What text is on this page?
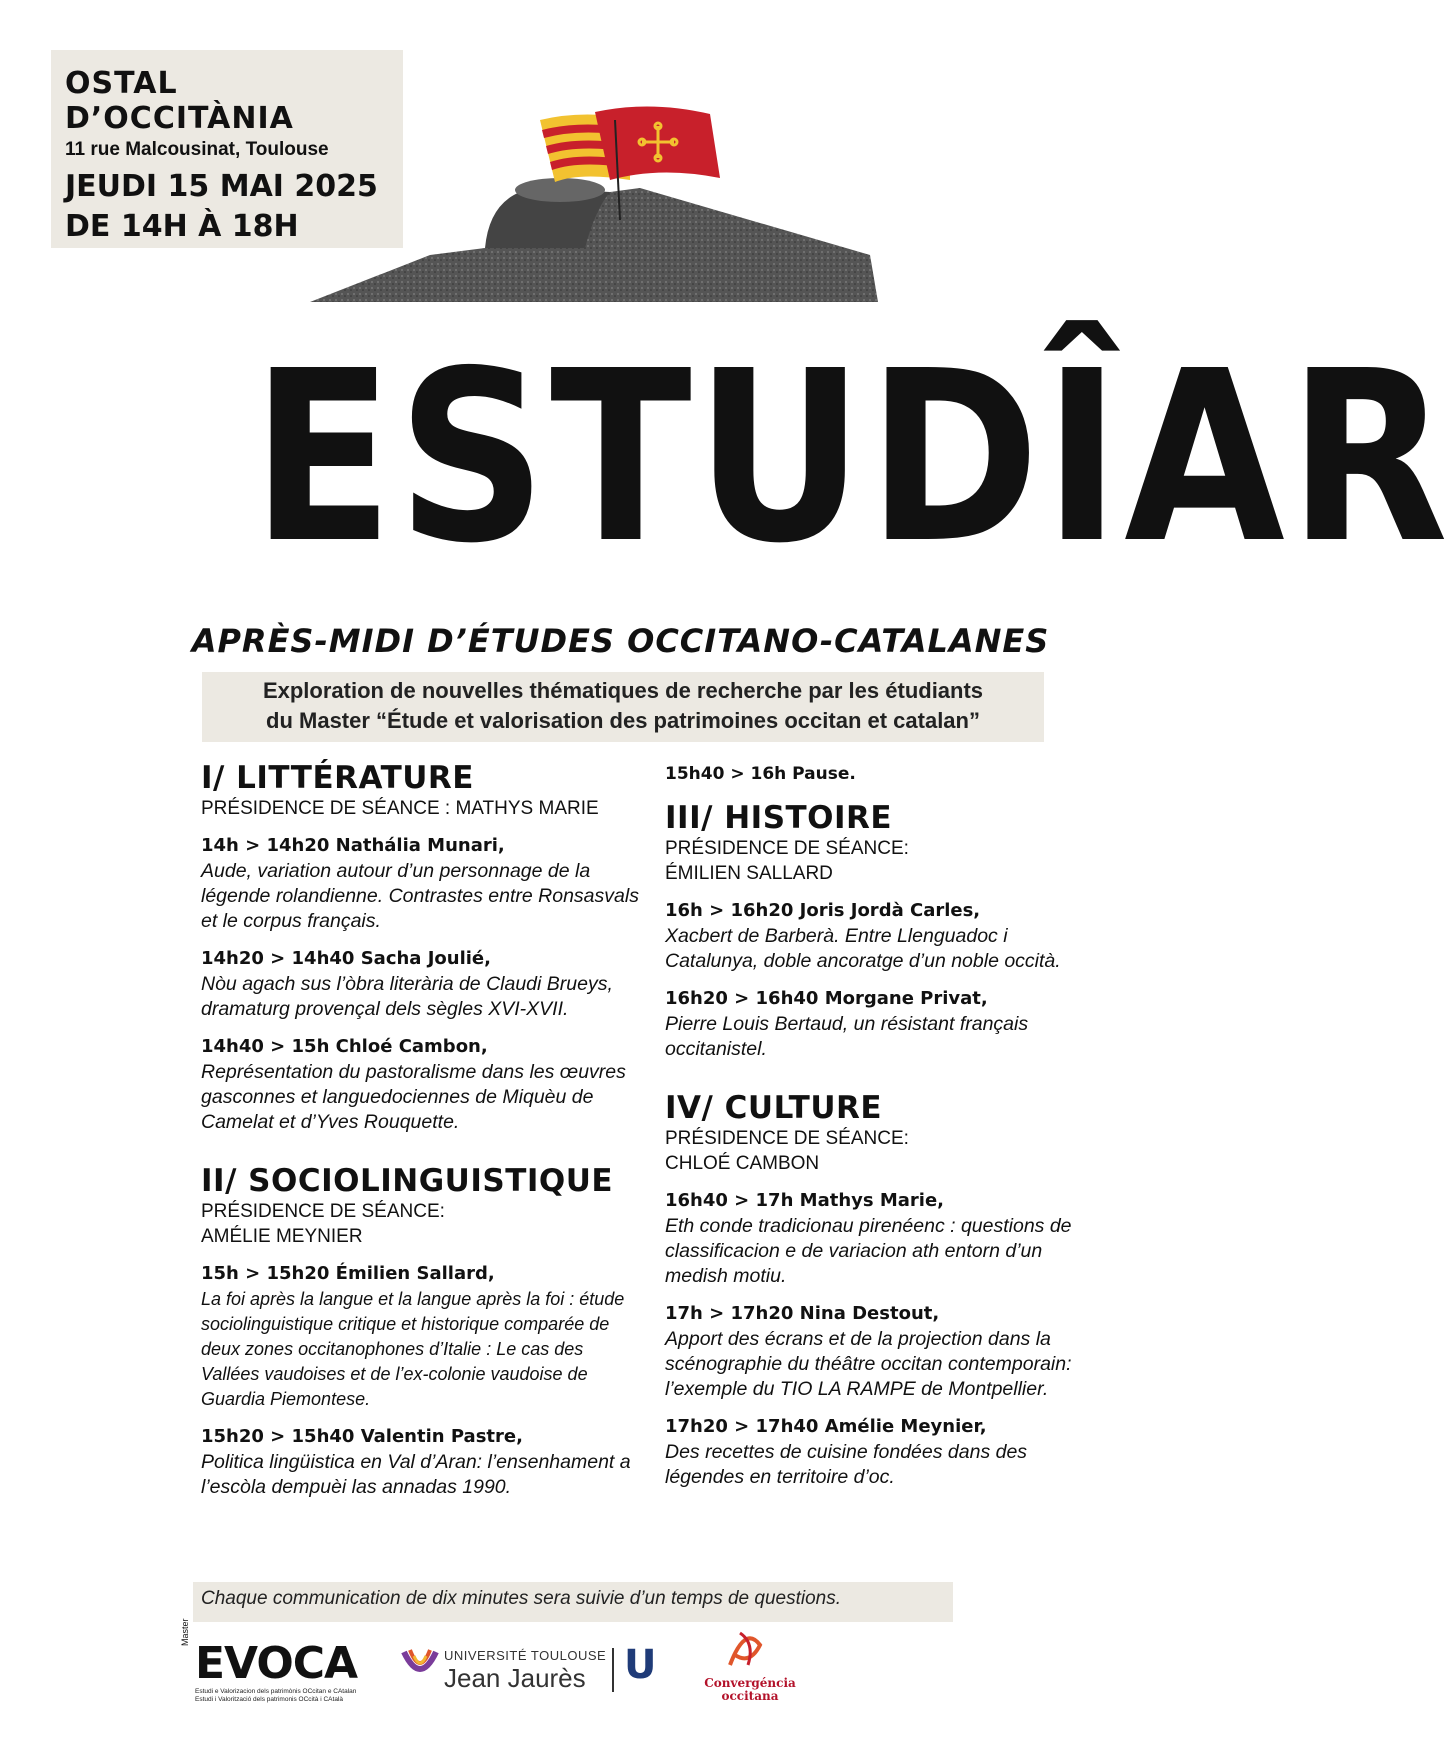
OSTAL D’OCCITÀNIA
11 rue Malcousinat, Toulouse
JEUDI 15 MAI 2025
DE 14H À 18H
ESTUDÎAR
APRÈS-MIDI D’ÉTUDES OCCITANO-CATALANES
Exploration de nouvelles thématiques de recherche par les étudiants
du Master “Étude et valorisation des patrimoines occitan et catalan”
I/ LITTÉRATURE
PRÉSIDENCE DE SÉANCE : MATHYS MARIE
14h > 14h20 Nathália Munari,
Aude, variation autour d’un personnage de la légende rolandienne. Contrastes entre Ronsasvals et le corpus français.
14h20 > 14h40 Sacha Joulié,
Nòu agach sus l’òbra literària de Claudi Brueys, dramaturg provençal dels sègles XVI-XVII.
14h40 > 15h Chloé Cambon,
Représentation du pastoralisme dans les œuvres gasconnes et languedociennes de Miquèu de Camelat et d’Yves Rouquette.
II/ SOCIOLINGUISTIQUE
PRÉSIDENCE DE SÉANCE:
AMÉLIE MEYNIER
15h > 15h20 Émilien Sallard,
La foi après la langue et la langue après la foi : étude sociolinguistique critique et historique comparée de deux zones occitanophones d’Italie : Le cas des Vallées vaudoises et de l’ex-colonie vaudoise de Guardia Piemontese.
15h20 > 15h40 Valentin Pastre,
Politica lingüistica en Val d’Aran: l’ensenhament a l’escòla dempuèi las annadas 1990.
15h40 > 16h Pause.
III/ HISTOIRE
PRÉSIDENCE DE SÉANCE:
ÉMILIEN SALLARD
16h > 16h20 Joris Jordà Carles,
Xacbert de Barberà. Entre Llenguadoc i Catalunya, doble ancoratge d’un noble occità.
16h20 > 16h40 Morgane Privat,
Pierre Louis Bertaud, un résistant français occitanistel.
IV/ CULTURE
PRÉSIDENCE DE SÉANCE:
CHLOÉ CAMBON
16h40 > 17h Mathys Marie,
Eth conde tradicionau pirenéenc : questions de classificacion e de variacion ath entorn d’un medish motiu.
17h > 17h20 Nina Destout,
Apport des écrans et de la projection dans la scénographie du théâtre occitan contemporain: l’exemple du TIO LA RAMPE de Montpellier.
17h20 > 17h40 Amélie Meynier,
Des recettes de cuisine fondées dans des légendes en territoire d’oc.
Chaque communication de dix minutes sera suivie d’un temps de questions.
Master
EVOCA
Estudi e Valorizacion dels patrimònis OCcitan e CAtalan
Estudi i Valorització dels patrimonis OCcità i CAtalà
UNIVERSITÉ TOULOUSE
Jean Jaurès U	Convergéncia
occitana
